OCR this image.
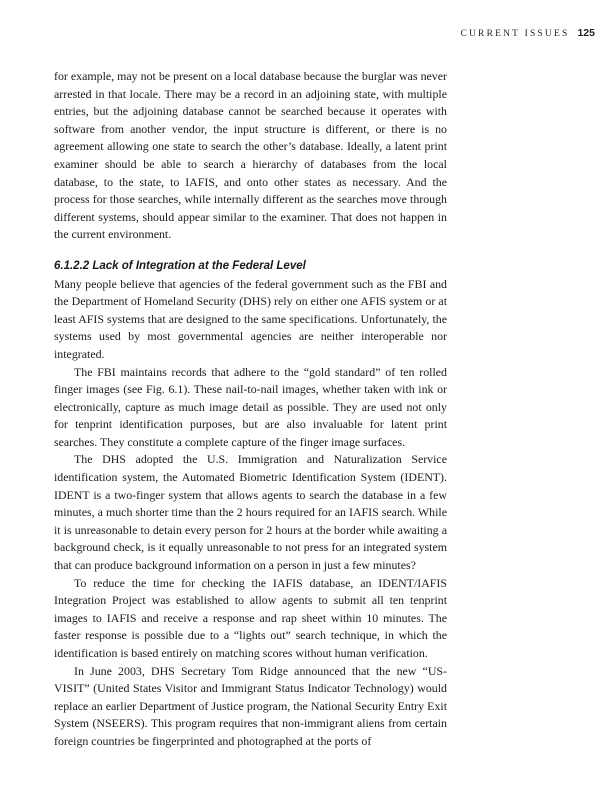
CURRENT ISSUES 125

for example, may not be present on a local database because the burglar was never arrested in that locale. There may be a record in an adjoining state, with multiple entries, but the adjoining database cannot be searched because it operates with software from another vendor, the input structure is different, or there is no agreement allowing one state to search the other’s database. Ideally, a latent print examiner should be able to search a hierarchy of databases from the local database, to the state, to IAFIS, and onto other states as necessary. And the process for those searches, while internally different as the searches move through different systems, should appear similar to the examiner. That does not happen in the current environment.

6.1.2.2 Lack of Integration at the Federal Level

Many people believe that agencies of the federal government such as the FBI and the Department of Homeland Security (DHS) rely on either one AFIS system or at least AFIS systems that are designed to the same specifications. Unfortunately, the systems used by most governmental agencies are neither interoperable nor integrated.

The FBI maintains records that adhere to the “gold standard” of ten rolled finger images (see Fig. 6.1). These nail-to-nail images, whether taken with ink or electronically, capture as much image detail as possible. They are used not only for tenprint identification purposes, but are also invaluable for latent print searches. They constitute a complete capture of the finger image surfaces.

The DHS adopted the U.S. Immigration and Naturalization Service identification system, the Automated Biometric Identification System (IDENT). IDENT is a two-finger system that allows agents to search the database in a few minutes, a much shorter time than the 2 hours required for an IAFIS search. While it is unreasonable to detain every person for 2 hours at the border while awaiting a background check, is it equally unreasonable to not press for an integrated system that can produce background information on a person in just a few minutes?

To reduce the time for checking the IAFIS database, an IDENT/IAFIS Integration Project was established to allow agents to submit all ten tenprint images to IAFIS and receive a response and rap sheet within 10 minutes. The faster response is possible due to a “lights out” search technique, in which the identification is based entirely on matching scores without human verification.

In June 2003, DHS Secretary Tom Ridge announced that the new “US-VISIT” (United States Visitor and Immigrant Status Indicator Technology) would replace an earlier Department of Justice program, the National Security Entry Exit System (NSEERS). This program requires that non-immigrant aliens from certain foreign countries be fingerprinted and photographed at the ports of
